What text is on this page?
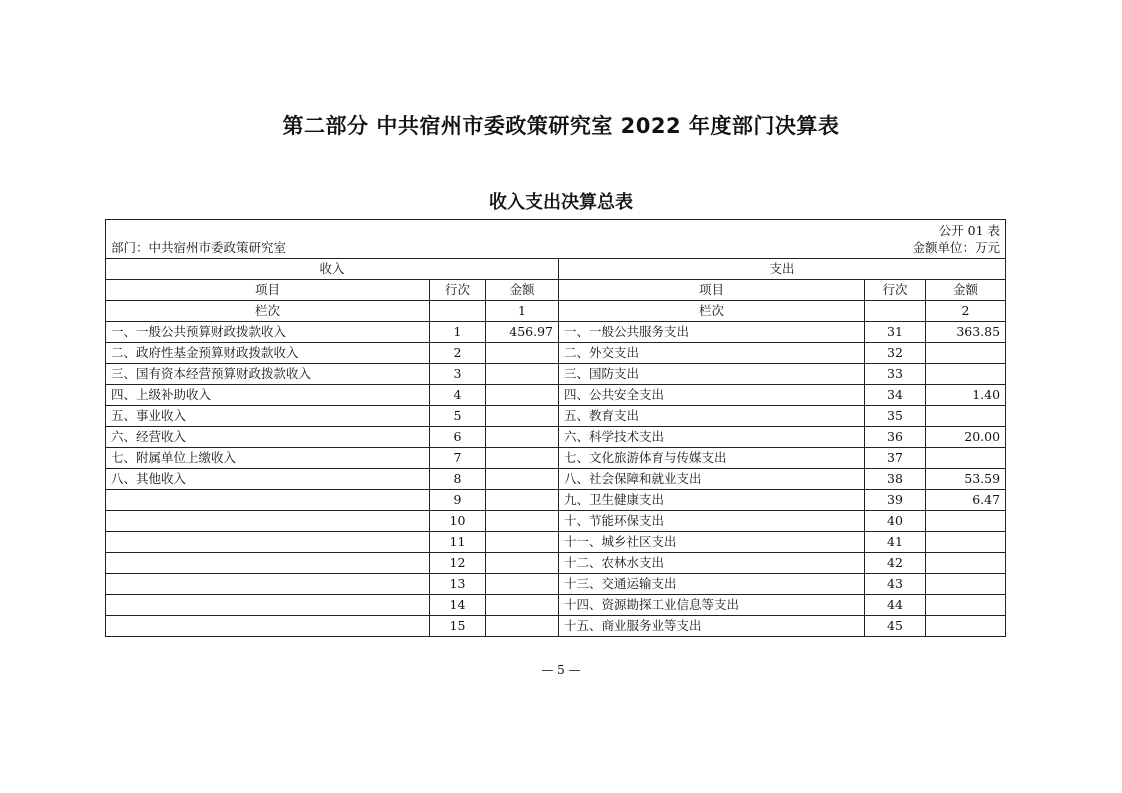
第二部分 中共宿州市委政策研究室 2022 年度部门决算表
收入支出决算总表
公开 01 表
部门：中共宿州市委政策研究室 金额单位：万元					

收入			支出		
项目	行次	金额	项目	行次	金额
栏次		1	栏次		2
一、一般公共预算财政拨款收入	1	456.97	一、一般公共服务支出	31	363.85
二、政府性基金预算财政拨款收入	2		二、外交支出	32	
三、国有资本经营预算财政拨款收入	3		三、国防支出	33	
四、上级补助收入	4		四、公共安全支出	34	1.40
五、事业收入	5		五、教育支出	35	
六、经营收入	6		六、科学技术支出	36	20.00
七、附属单位上缴收入	7		七、文化旅游体育与传媒支出	37	
八、其他收入	8		八、社会保障和就业支出	38	53.59
	9		九、卫生健康支出	39	6.47
	10		十、节能环保支出	40	
	11		十一、城乡社区支出	41	
	12		十二、农林水支出	42	
	13		十三、交通运输支出	43	
	14		十四、资源勘探工业信息等支出	44	
	15		十五、商业服务业等支出	45	
— 5 —
